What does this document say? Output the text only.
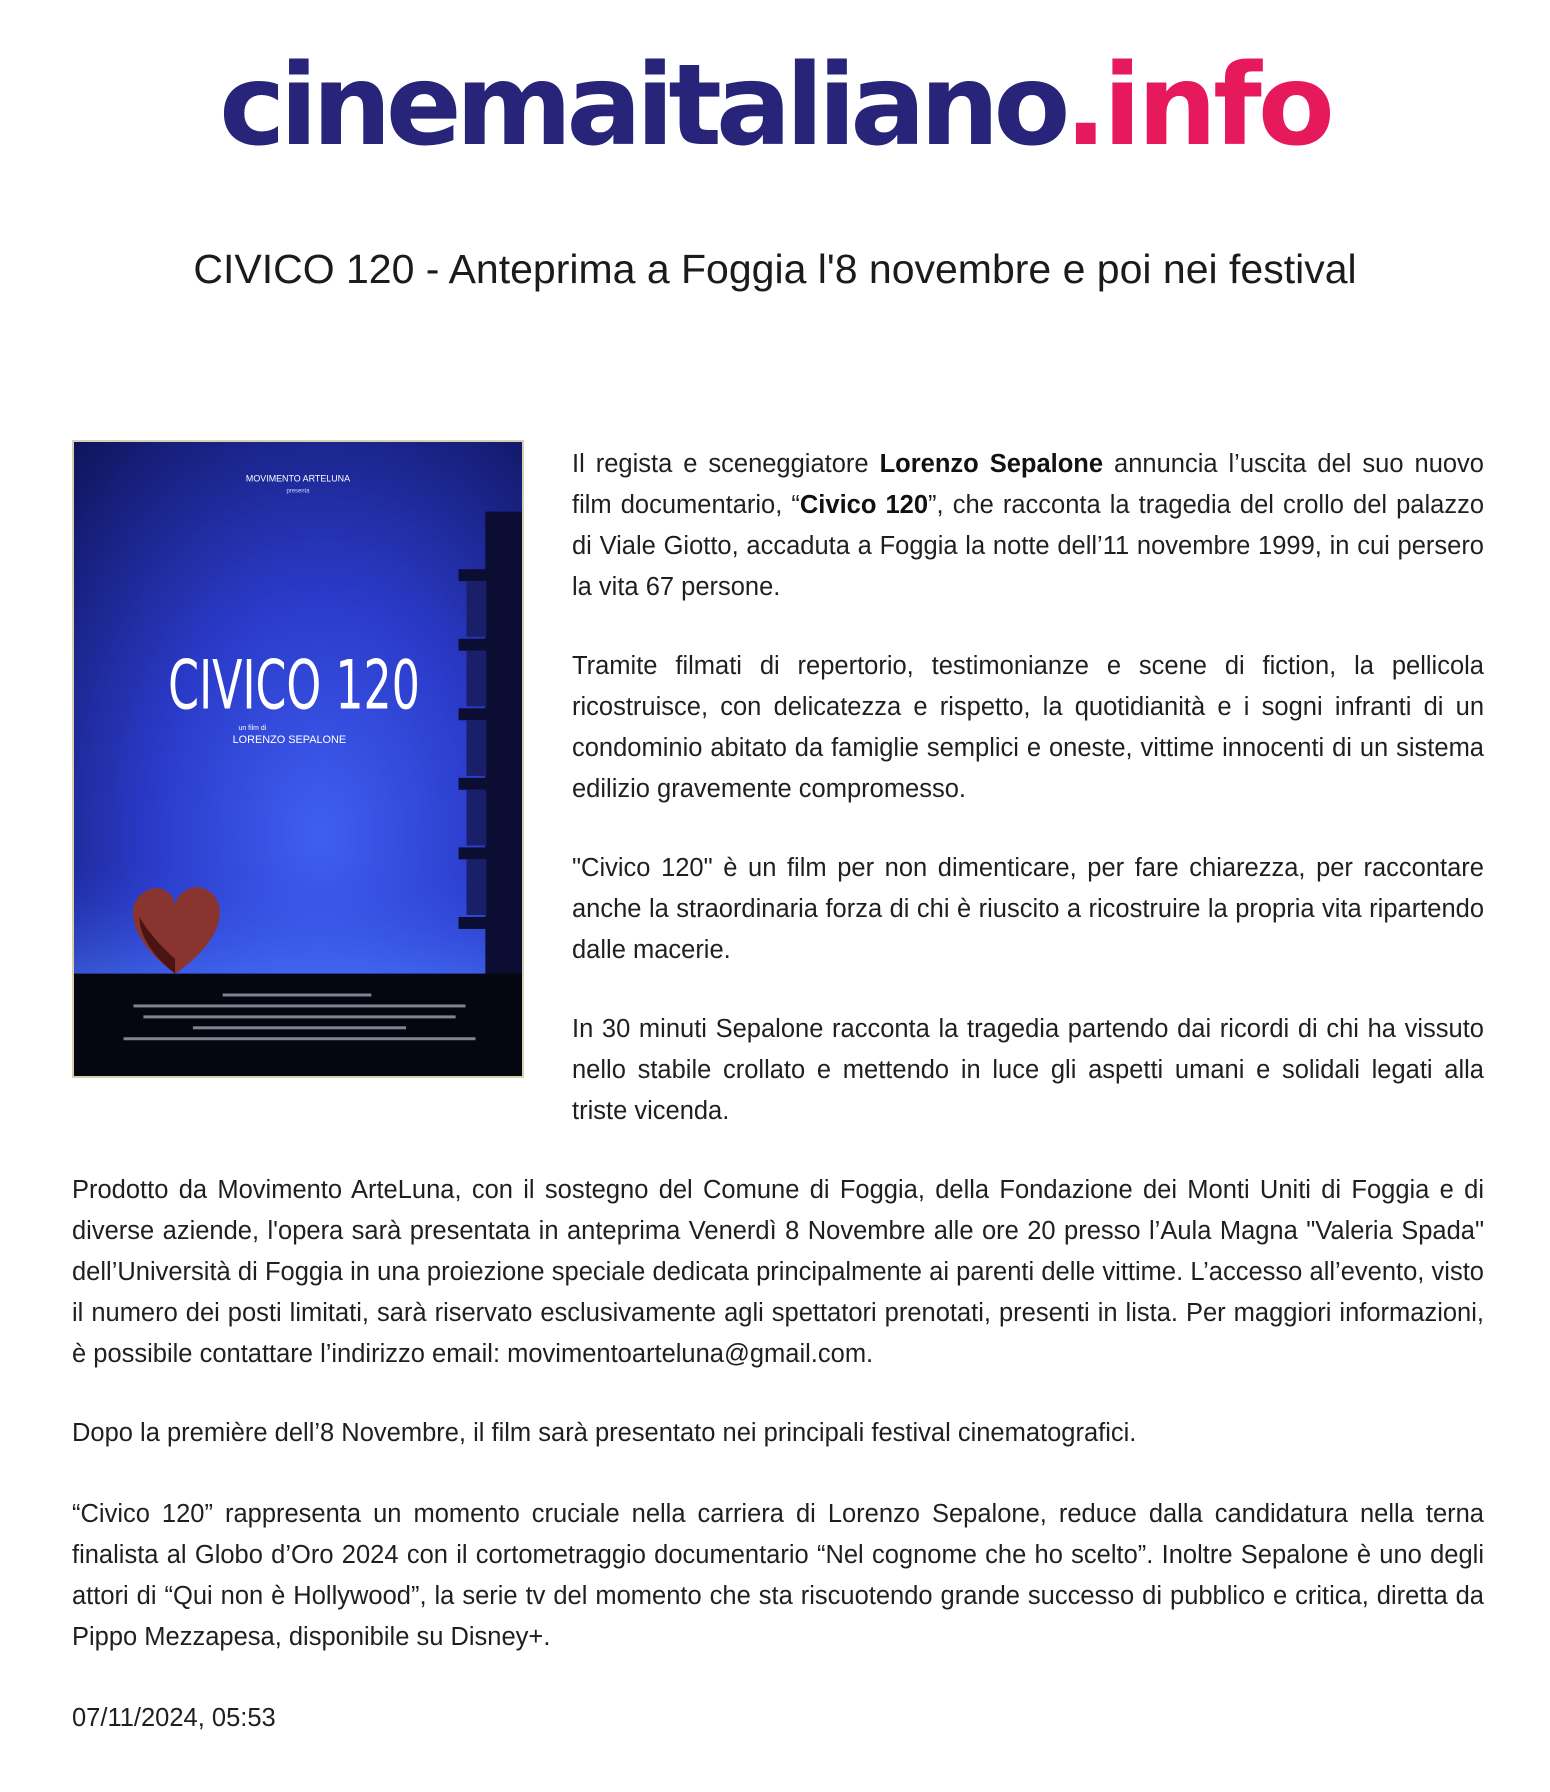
cinemaitaliano.info
CIVICO 120 - Anteprima a Foggia l'8 novembre e poi nei festival
MOVIMENTO ARTELUNA
presenta
CIVICO 120
un film di
LORENZO SEPALONE

Il regista e sceneggiatore Lorenzo Sepalone annuncia l’uscita del suo nuovo film documentario, “Civico 120”, che racconta la tragedia del crollo del palazzo di Viale Giotto, accaduta a Foggia la notte dell’11 novembre 1999, in cui persero la vita 67 persone.

Tramite filmati di repertorio, testimonianze e scene di fiction, la pellicola ricostruisce, con delicatezza e rispetto, la quotidianità e i sogni infranti di un condominio abitato da famiglie semplici e oneste, vittime innocenti di un sistema edilizio gravemente compromesso.

"Civico 120" è un film per non dimenticare, per fare chiarezza, per raccontare anche la straordinaria forza di chi è riuscito a ricostruire la propria vita ripartendo dalle macerie.

In 30 minuti Sepalone racconta la tragedia partendo dai ricordi di chi ha vissuto nello stabile crollato e mettendo in luce gli aspetti umani e solidali legati alla triste vicenda.

Prodotto da Movimento ArteLuna, con il sostegno del Comune di Foggia, della Fondazione dei Monti Uniti di Foggia e di diverse aziende, l'opera sarà presentata in anteprima Venerdì 8 Novembre alle ore 20 presso l’Aula Magna "Valeria Spada" dell’Università di Foggia in una proiezione speciale dedicata principalmente ai parenti delle vittime. L’accesso all’evento, visto il numero dei posti limitati, sarà riservato esclusivamente agli spettatori prenotati, presenti in lista. Per maggiori informazioni, è possibile contattare l’indirizzo email: movimentoarteluna@gmail.com.

Dopo la première dell’8 Novembre, il film sarà presentato nei principali festival cinematografici.

“Civico 120” rappresenta un momento cruciale nella carriera di Lorenzo Sepalone, reduce dalla candidatura nella terna finalista al Globo d’Oro 2024 con il cortometraggio documentario “Nel cognome che ho scelto”. Inoltre Sepalone è uno degli attori di “Qui non è Hollywood”, la serie tv del momento che sta riscuotendo grande successo di pubblico e critica, diretta da Pippo Mezzapesa, disponibile su Disney+.

07/11/2024, 05:53
